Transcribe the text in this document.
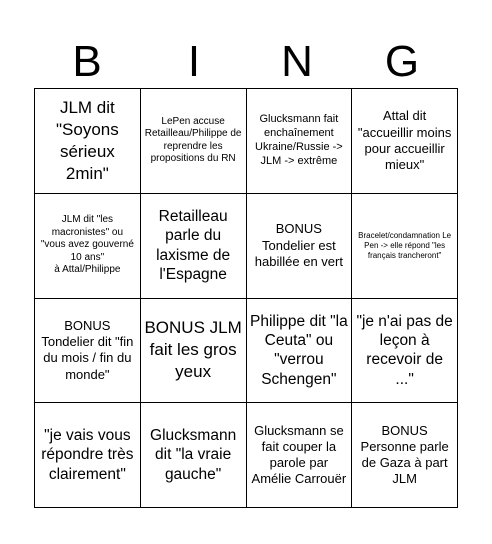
B	I	N	G
JLM dit "Soyons sérieux 2min"
LePen accuse Retailleau/Philippe de
reprendre les propositions du RN
Glucksmann fait enchaînement Ukraine/Russie -> JLM -> extrême
Attal dit "accueillir moins pour accueillir mieux"
JLM dit "les macronistes" ou "vous avez gouverné 10 ans"
à Attal/Philippe
Retailleau parle du laxisme de l'Espagne
BONUS Tondelier est habillée en vert
Bracelet/condamnation Le Pen -> elle répond "les français trancheront"
BONUS Tondelier dit "fin du mois / fin du monde"
BONUS JLM fait les gros yeux
Philippe dit "la Ceuta" ou "verrou Schengen"
"je n'ai pas de leçon à recevoir de ..."
"je vais vous répondre très clairement"
Glucksmann dit "la vraie gauche"
Glucksmann se fait couper la parole par Amélie Carrouër
BONUS Personne parle de Gaza à part JLM
